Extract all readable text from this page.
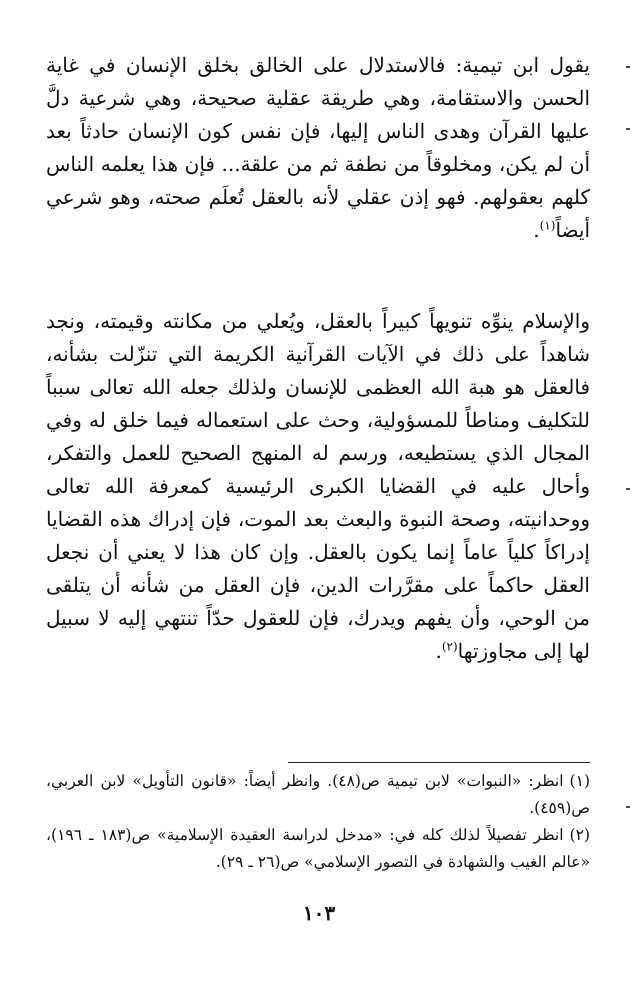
يقول ابن تيمية: فالاستدلال على الخالق بخلق الإنسان في غاية الحسن والاستقامة، وهي طريقة عقلية صحيحة، وهي شرعية دلَّ عليها القرآن وهدى الناس إليها، فإن نفس كون الإنسان حادثاً بعد أن لم يكن، ومخلوقاً من نطفة ثم من علقة... فإن هذا يعلمه الناس كلهم بعقولهم. فهو إذن عقلي لأنه بالعقل تُعلَم صحته، وهو شرعي أيضاً$^{(١)}$.

والإسلام ينوِّه تنويهاً كبيراً بالعقل، ويُعلي من مكانته وقيمته، ونجد شاهداً على ذلك في الآيات القرآنية الكريمة التي تنزّلت بشأنه، فالعقل هو هبة الله العظمى للإنسان ولذلك جعله الله تعالى سبباً للتكليف ومناطاً للمسؤولية، وحث على استعماله فيما خلق له وفي المجال الذي يستطيعه، ورسم له المنهج الصحيح للعمل والتفكر، وأحال عليه في القضايا الكبرى الرئيسية كمعرفة الله تعالى ووحدانيته، وصحة النبوة والبعث بعد الموت، فإن إدراك هذه القضايا إدراكاً كلياً عاماً إنما يكون بالعقل. وإن كان هذا لا يعني أن نجعل العقل حاكماً على مقرَّرات الدين، فإن العقل من شأنه أن يتلقى من الوحي، وأن يفهم ويدرك، فإن للعقول حدّاً تنتهي إليه لا سبيل لها إلى مجاوزتها$^{(٢)}$.

(١)انظر: «النبوات» لابن تيمية ص(٤٨). وانظر أيضاً: «قانون التأويل» لابن العربي، ص(٤٥٩).

(٢)انظر تفصيلاً لذلك كله في: «مدخل لدراسة العقيدة الإسلامية» ص(١٨٣ ـ ١٩٦)، «عالم الغيب والشهادة في التصور الإسلامي» ص(٢٦ ـ ٢٩).

١٠٣
